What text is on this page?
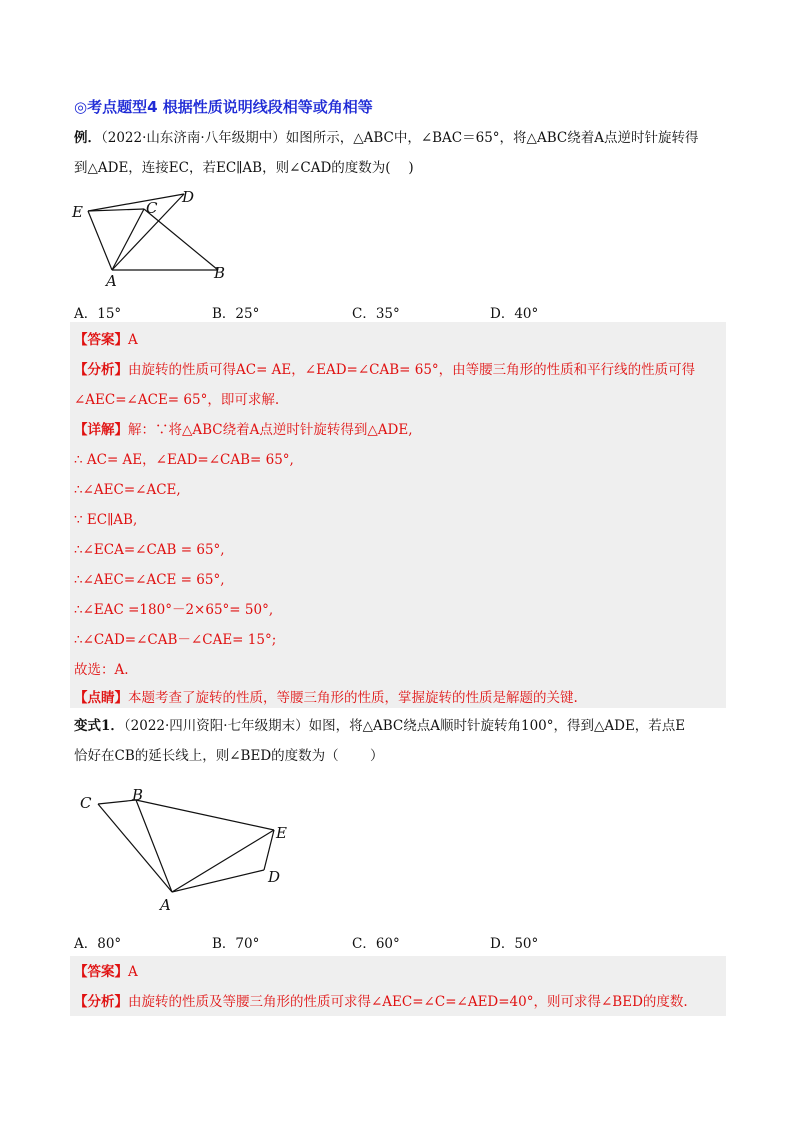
◎考点题型4 根据性质说明线段相等或角相等
例．（2022·山东济南·八年级期中）如图所示，△ABC中，∠BAC＝65°，将△ABC绕着A点逆时针旋转得
到△ADE，连接EC，若EC∥AB，则∠CAD的度数为(　 )
E	C
D
A	B
A．15°	B．25°	C．35°	D．40°
【答案】A
【分析】由旋转的性质可得AC= AE，∠EAD=∠CAB= 65°，由等腰三角形的性质和平行线的性质可得
∠AEC=∠ACE= 65°，即可求解.
【详解】解：∵将△ABC绕着A点逆时针旋转得到△ADE,
∴ AC= AE，∠EAD=∠CAB= 65°,
∴∠AEC=∠ACE,
∵ EC∥AB,
∴∠ECA=∠CAB = 65°,
∴∠AEC=∠ACE = 65°,
∴∠EAC =180°－2×65°= 50°,
∴∠CAD=∠CAB－∠CAE= 15°;
故选：A.
【点睛】本题考查了旋转的性质，等腰三角形的性质，掌握旋转的性质是解题的关键.
变式1．（2022·四川资阳·七年级期末）如图，将△ABC绕点A顺时针旋转角100°，得到△ADE，若点E
恰好在CB的延长线上，则∠BED的度数为（　　 ）
C	B
E
D
A
A．80°	B．70°	C．60°	D．50°
【答案】A
【分析】由旋转的性质及等腰三角形的性质可求得∠AEC=∠C=∠AED=40°，则可求得∠BED的度数.
